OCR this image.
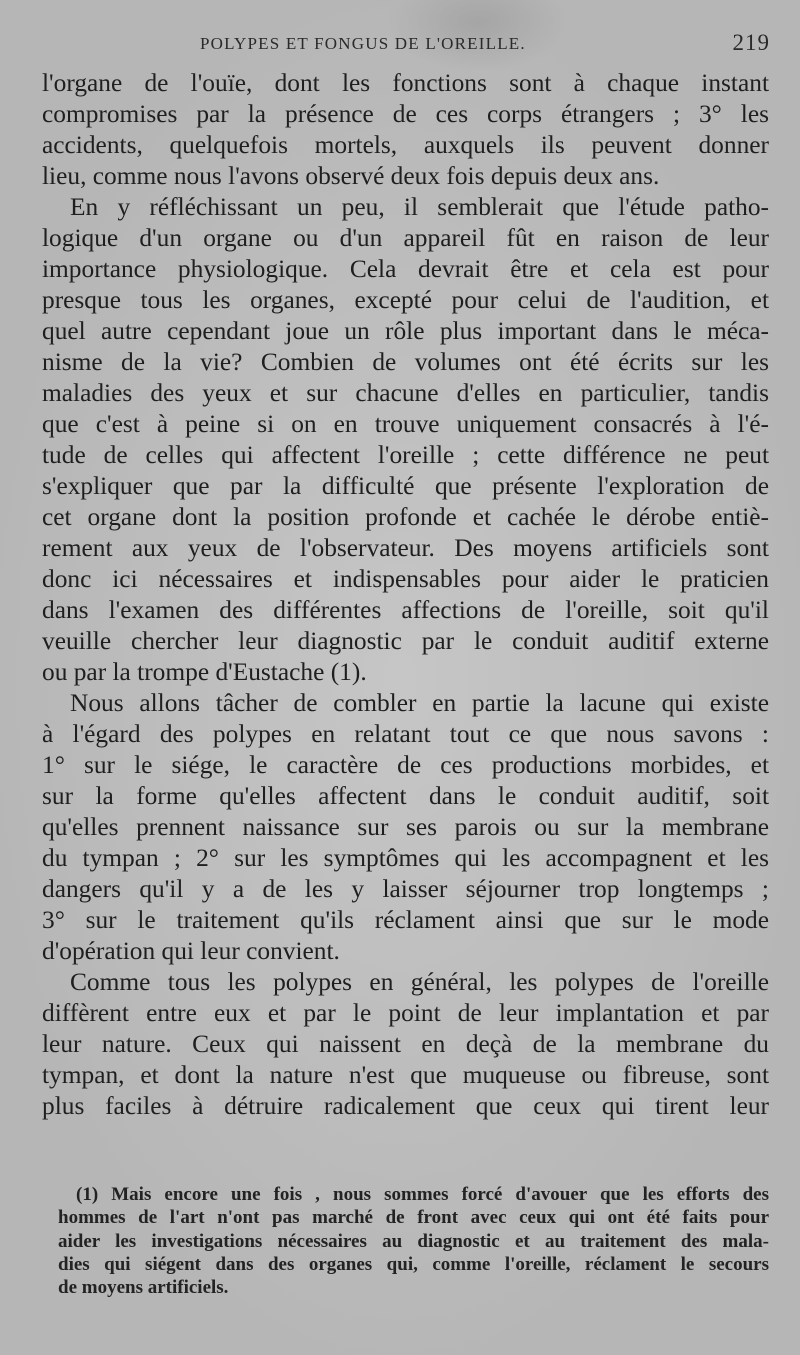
POLYPES ET FONGUS DE L'OREILLE.	219
l'organe de l'ouïe, dont les fonctions sont à chaque instant
compromises par la présence de ces corps étrangers ; 3° les
accidents, quelquefois mortels, auxquels ils peuvent donner
lieu, comme nous l'avons observé deux fois depuis deux ans.
En y réfléchissant un peu, il semblerait que l'étude patho-
logique d'un organe ou d'un appareil fût en raison de leur
importance physiologique. Cela devrait être et cela est pour
presque tous les organes, excepté pour celui de l'audition, et
quel autre cependant joue un rôle plus important dans le méca-
nisme de la vie? Combien de volumes ont été écrits sur les
maladies des yeux et sur chacune d'elles en particulier, tandis
que c'est à peine si on en trouve uniquement consacrés à l'é-
tude de celles qui affectent l'oreille ; cette différence ne peut
s'expliquer que par la difficulté que présente l'exploration de
cet organe dont la position profonde et cachée le dérobe entiè-
rement aux yeux de l'observateur. Des moyens artificiels sont
donc ici nécessaires et indispensables pour aider le praticien
dans l'examen des différentes affections de l'oreille, soit qu'il
veuille chercher leur diagnostic par le conduit auditif externe
ou par la trompe d'Eustache (1).
Nous allons tâcher de combler en partie la lacune qui existe
à l'égard des polypes en relatant tout ce que nous savons :
1° sur le siége, le caractère de ces productions morbides, et
sur la forme qu'elles affectent dans le conduit auditif, soit
qu'elles prennent naissance sur ses parois ou sur la membrane
du tympan ; 2° sur les symptômes qui les accompagnent et les
dangers qu'il y a de les y laisser séjourner trop longtemps ;
3° sur le traitement qu'ils réclament ainsi que sur le mode
d'opération qui leur convient.
Comme tous les polypes en général, les polypes de l'oreille
diffèrent entre eux et par le point de leur implantation et par
leur nature. Ceux qui naissent en deçà de la membrane du
tympan, et dont la nature n'est que muqueuse ou fibreuse, sont
plus faciles à détruire radicalement que ceux qui tirent leur
(1) Mais encore une fois , nous sommes forcé d'avouer que les efforts des
hommes de l'art n'ont pas marché de front avec ceux qui ont été faits pour
aider les investigations nécessaires au diagnostic et au traitement des mala-
dies qui siégent dans des organes qui, comme l'oreille, réclament le secours
de moyens artificiels.
